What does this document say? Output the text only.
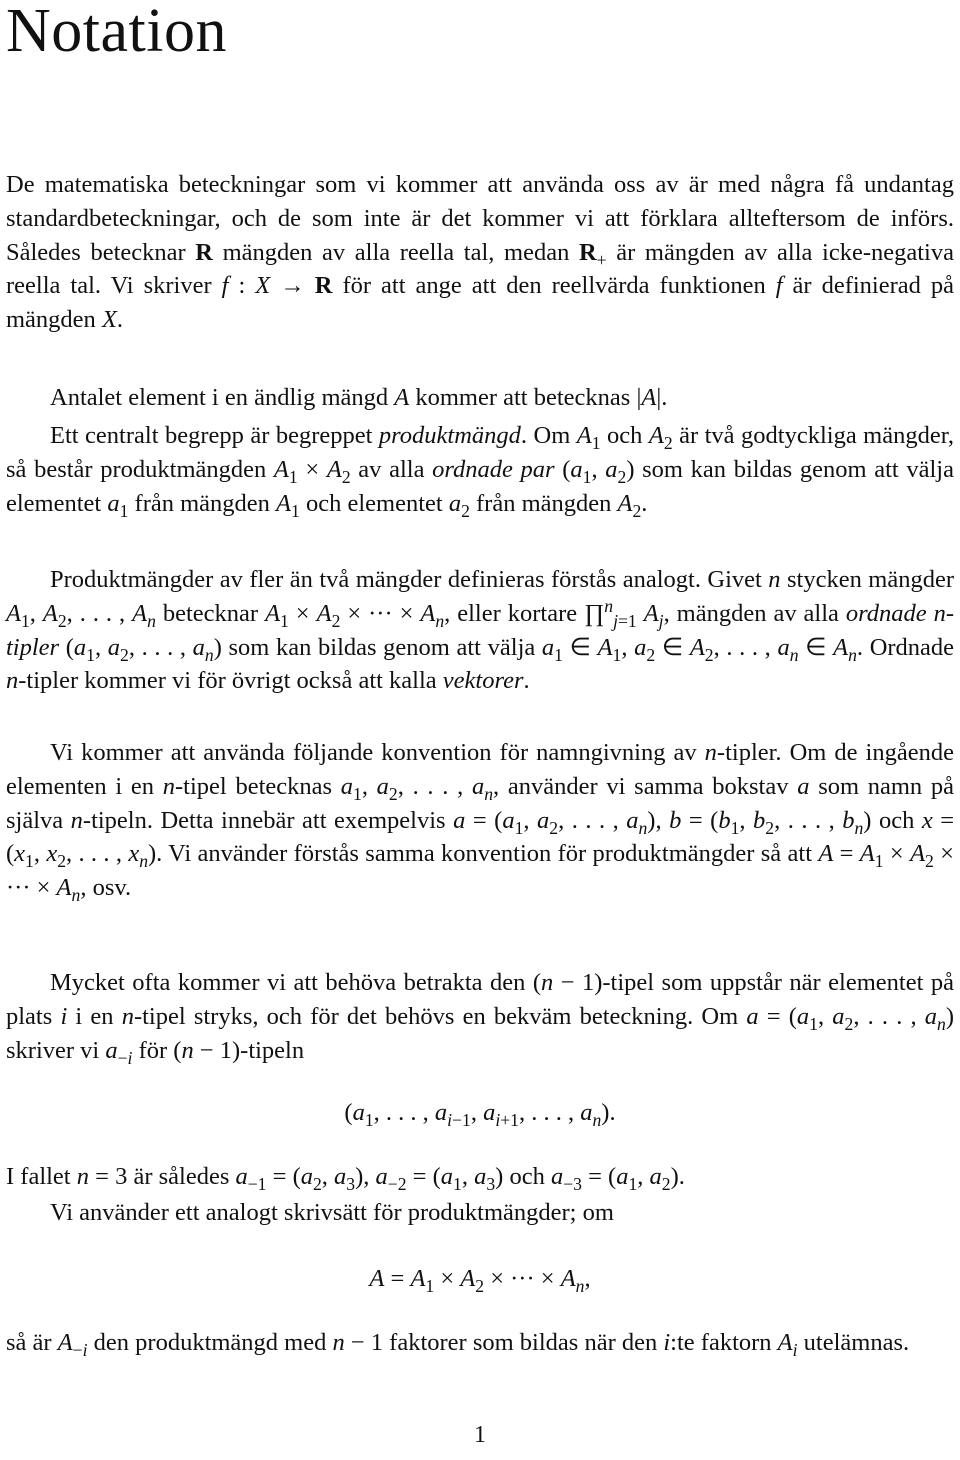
Notation

De matematiska beteckningar som vi kommer att använda oss av är med några få undantag standardbeteckningar, och de som inte är det kommer vi att förklara allteftersom de införs. Således betecknar R mängden av alla reella tal, medan $R_+$ är mängden av alla icke-negativa reella tal. Vi skriver f : X → R för att ange att den reellvärda funktionen f är definierad på mängden X.

Antalet element i en ändlig mängd A kommer att betecknas |A|.

Ett centralt begrepp är begreppet produktmängd. Om $A_1$ och $A_2$ är två godtyckliga mängder, så består produktmängden $A_1 \times A_2$ av alla ordnade par ($a_1$, $a_2$) som kan bildas genom att välja elementet $a_1$ från mängden $A_1$ och elementet $a_2$ från mängden $A_2$.

Produktmängder av fler än två mängder definieras förstås analogt. Givet n stycken mängder $A_1$, $A_2$, . . . , $A_n$ betecknar $A_1 \times A_2$ × ··· × $A_n$, eller kortare ∏$^n_{j=1}$ $A_j$, mängden av alla ordnade n-tipler ($a_1$, $a_2$, . . . , $a_n$) som kan bildas genom att välja $a_1$ ∈ $A_1$, $a_2$ ∈ $A_2$, . . . , $a_n$ ∈ $A_n$. Ordnade n-tipler kommer vi för övrigt också att kalla vektorer.

Vi kommer att använda följande konvention för namngivning av n-tipler. Om de ingående elementen i en n-tipel betecknas $a_1$, $a_2$, . . . , $a_n$, använder vi samma bokstav a som namn på själva n-tipeln. Detta innebär att exempelvis $a = (a_1$, $a_2$, . . . , $a_n$), $b = (b_1$, $b_2$, . . . , $b_n$) och $x = (x_1$, $x_2$, . . . , $x_n$). Vi använder förstås samma konvention för produktmängder så att $A = A_1 \times A_2$ × ··· × $A_n$, osv.

Mycket ofta kommer vi att behöva betrakta den (n − 1)-tipel som uppstår när elementet på plats i i en n-tipel stryks, och för det behövs en bekväm beteckning. Om $a = (a_1$, $a_2$, . . . , $a_n$) skriver vi $a_{-i}$ för (n − 1)-tipeln

($a_1$, . . . , $a_{i-1}$, $a_{i+1}$, . . . , $a_n$).

I fallet n = 3 är således $a_{-1} = (a_2$, $a_3$), $a_{-2} = (a_1$, $a_3$) och $a_{-3} = (a_1$, $a_2$).

Vi använder ett analogt skrivsätt för produktmängder; om

$A = A_1 \times A_2$ × ··· × $A_n$,

så är $A_{-i}$ den produktmängd med n − 1 faktorer som bildas när den i:te faktorn $A_i$ utelämnas.

1
